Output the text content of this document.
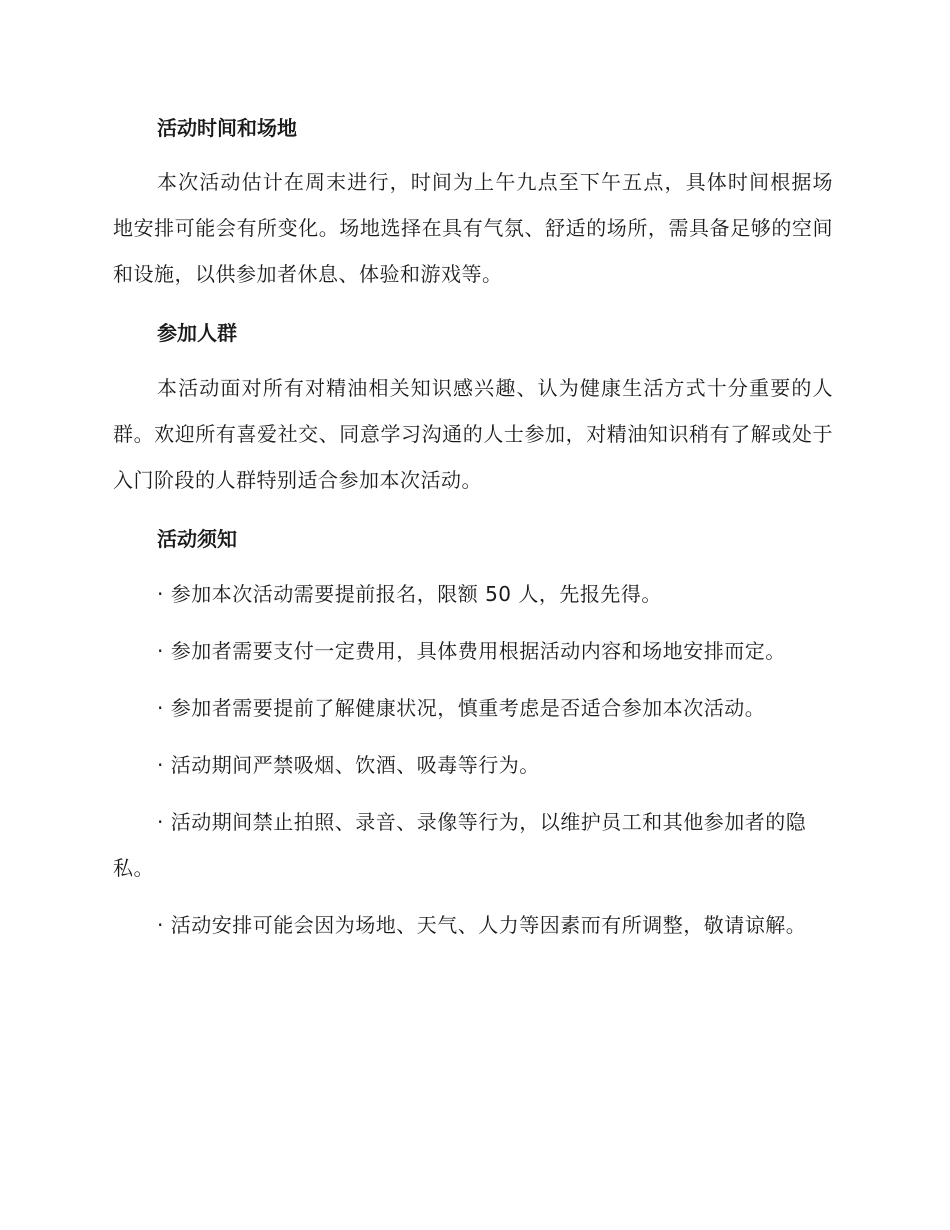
活动时间和场地

本次活动估计在周末进行，时间为上午九点至下午五点，具体时间根据场地安排可能会有所变化。场地选择在具有气氛、舒适的场所，需具备足够的空间和设施，以供参加者休息、体验和游戏等。

参加人群

本活动面对所有对精油相关知识感兴趣、认为健康生活方式十分重要的人群。欢迎所有喜爱社交、同意学习沟通的人士参加，对精油知识稍有了解或处于入门阶段的人群特别适合参加本次活动。

活动须知

· 参加本次活动需要提前报名，限额 50 人，先报先得。

· 参加者需要支付一定费用，具体费用根据活动内容和场地安排而定。

· 参加者需要提前了解健康状况，慎重考虑是否适合参加本次活动。

· 活动期间严禁吸烟、饮酒、吸毒等行为。

· 活动期间禁止拍照、录音、录像等行为，以维护员工和其他参加者的隐私。

· 活动安排可能会因为场地、天气、人力等因素而有所调整，敬请谅解。
